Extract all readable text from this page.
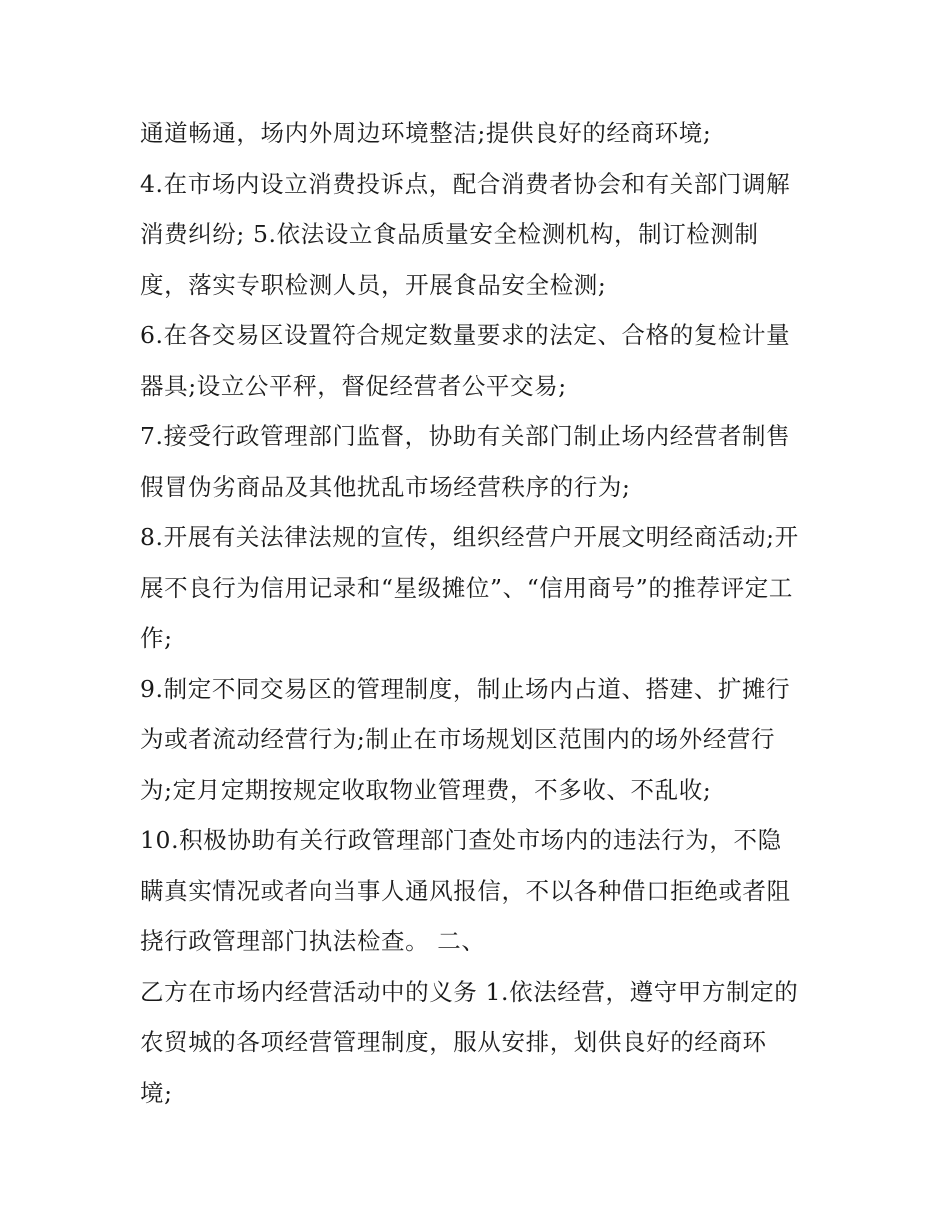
通道畅通，场内外周边环境整洁;提供良好的经商环境;
4.在市场内设立消费投诉点，配合消费者协会和有关部门调解
消费纠纷; 5.依法设立食品质量安全检测机构，制订检测制
度，落实专职检测人员，开展食品安全检测;
6.在各交易区设置符合规定数量要求的法定、合格的复检计量
器具;设立公平秤，督促经营者公平交易;
7.接受行政管理部门监督，协助有关部门制止场内经营者制售
假冒伪劣商品及其他扰乱市场经营秩序的行为;
8.开展有关法律法规的宣传，组织经营户开展文明经商活动;开
展不良行为信用记录和“星级摊位”、“信用商号”的推荐评定工
作;
9.制定不同交易区的管理制度，制止场内占道、搭建、扩摊行
为或者流动经营行为;制止在市场规划区范围内的场外经营行
为;定月定期按规定收取物业管理费，不多收、不乱收;
10.积极协助有关行政管理部门查处市场内的违法行为，不隐
瞒真实情况或者向当事人通风报信，不以各种借口拒绝或者阻
挠行政管理部门执法检查。 二、
乙方在市场内经营活动中的义务 1.依法经营，遵守甲方制定的
农贸城的各项经营管理制度，服从安排，划供良好的经商环
境;
